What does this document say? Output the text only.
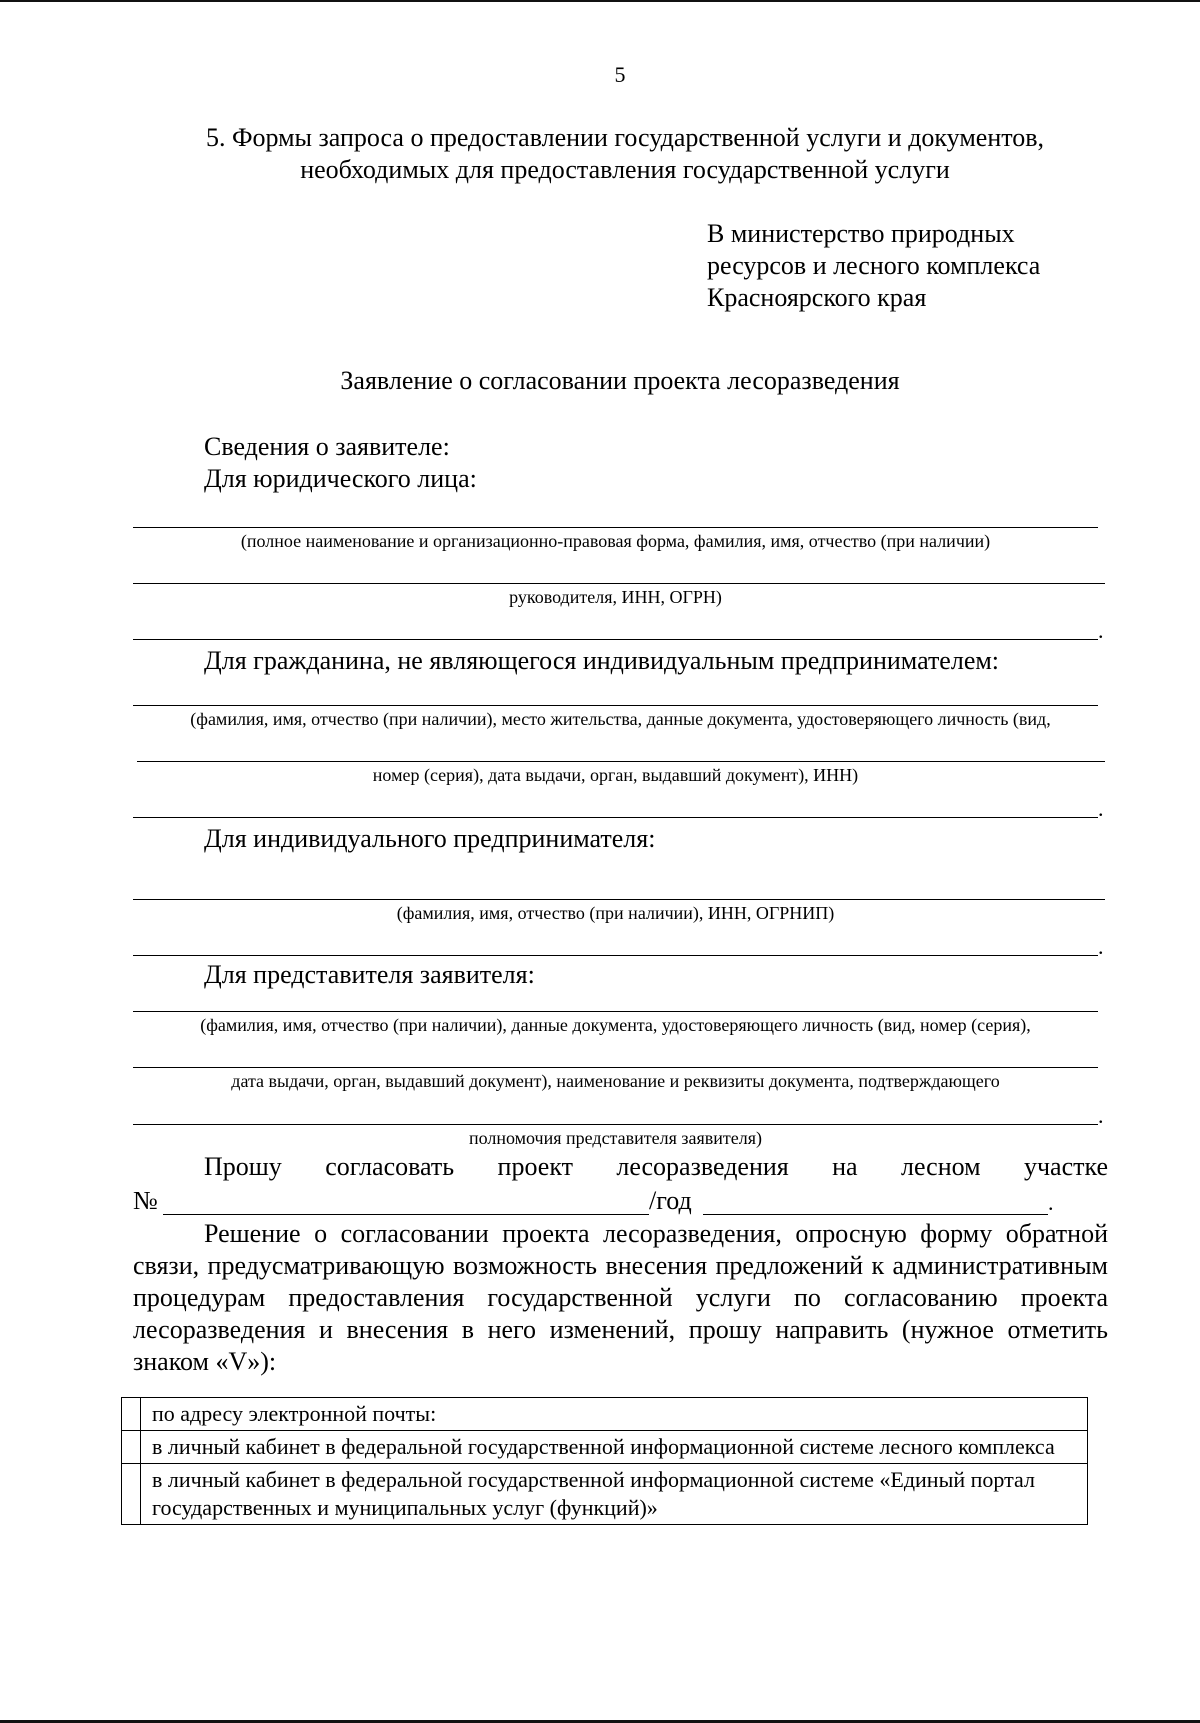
5
5. Формы запроса о предоставлении государственной услуги и документов, необходимых для предоставления государственной услуги
В министерство природных
ресурсов и лесного комплекса
Красноярского края
Заявление о согласовании проекта лесоразведения
Сведения о заявителе:
Для юридического лица:
(полное наименование и организационно-правовая форма, фамилия, имя, отчество (при наличии)
руководителя, ИНН, ОГРН)
.
Для гражданина, не являющегося индивидуальным предпринимателем:
(фамилия, имя, отчество (при наличии), место жительства, данные документа, удостоверяющего личность (вид,
номер (серия), дата выдачи, орган, выдавший документ), ИНН)
.
Для индивидуального предпринимателя:
(фамилия, имя, отчество (при наличии), ИНН, ОГРНИП)
.
Для представителя заявителя:
(фамилия, имя, отчество (при наличии), данные документа, удостоверяющего личность (вид, номер (серия),
дата выдачи, орган, выдавший документ), наименование и реквизиты документа, подтверждающего
.
полномочия представителя заявителя)
Прошу согласовать проект лесоразведения на лесном участке
№	/год	.
Решение о согласовании проекта лесоразведения, опросную форму обратной связи, предусматривающую возможность внесения предложений к административным процедурам предоставления государственной услуги по согласованию проекта лесоразведения и внесения в него изменений, прошу направить (нужное отметить знаком «V»):
	по адресу электронной почты:
	в личный кабинет в федеральной государственной информационной системе лесного комплекса
	в личный кабинет в федеральной государственной информационной системе «Единый портал государственных и муниципальных услуг (функций)»
